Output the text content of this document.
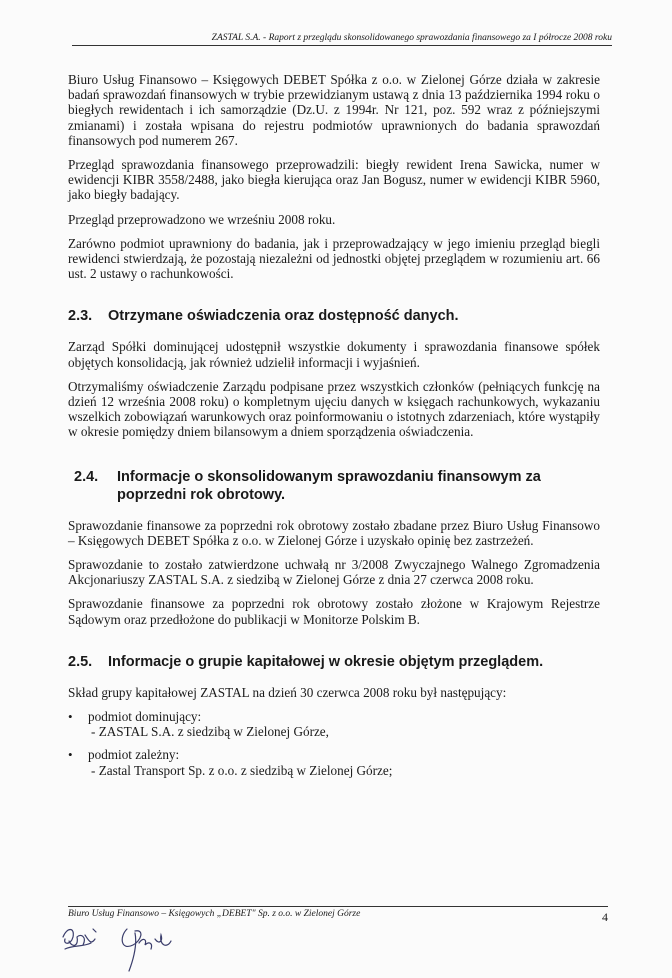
ZASTAL S.A. - Raport z przeglądu skonsolidowanego sprawozdania finansowego za I półrocze 2008 roku

Biuro Usług Finansowo – Księgowych DEBET Spółka z o.o. w Zielonej Górze działa w zakresie badań sprawozdań finansowych w trybie przewidzianym ustawą z dnia 13 października 1994 roku o biegłych rewidentach i ich samorządzie (Dz.U. z 1994r. Nr 121, poz. 592 wraz z późniejszymi zmianami) i została wpisana do rejestru podmiotów uprawnionych do badania sprawozdań finansowych pod numerem 267.

Przegląd sprawozdania finansowego przeprowadzili: biegły rewident Irena Sawicka, numer w ewidencji KIBR 3558/2488, jako biegła kierująca oraz Jan Bogusz, numer w ewidencji KIBR 5960, jako biegły badający.

Przegląd przeprowadzono we wrześniu 2008 roku.

Zarówno podmiot uprawniony do badania, jak i przeprowadzający w jego imieniu przegląd biegli rewidenci stwierdzają, że pozostają niezależni od jednostki objętej przeglądem w rozumieniu art. 66 ust. 2 ustawy o rachunkowości.

2.3.	Otrzymane oświadczenia oraz dostępność danych.

Zarząd Spółki dominującej udostępnił wszystkie dokumenty i sprawozdania finansowe spółek objętych konsolidacją, jak również udzielił informacji i wyjaśnień.

Otrzymaliśmy oświadczenie Zarządu podpisane przez wszystkich członków (pełniących funkcję na dzień 12 września 2008 roku) o kompletnym ujęciu danych w księgach rachunkowych, wykazaniu wszelkich zobowiązań warunkowych oraz poinformowaniu o istotnych zdarzeniach, które wystąpiły w okresie pomiędzy dniem bilansowym a dniem sporządzenia oświadczenia.

2.4.	Informacje o skonsolidowanym sprawozdaniu finansowym za poprzedni rok obrotowy.

Sprawozdanie finansowe za poprzedni rok obrotowy zostało zbadane przez Biuro Usług Finansowo – Księgowych DEBET Spółka z o.o. w Zielonej Górze i uzyskało opinię bez zastrzeżeń.

Sprawozdanie to zostało zatwierdzone uchwałą nr 3/2008 Zwyczajnego Walnego Zgromadzenia Akcjonariuszy ZASTAL S.A. z siedzibą w Zielonej Górze z dnia 27 czerwca 2008 roku.

Sprawozdanie finansowe za poprzedni rok obrotowy zostało złożone w Krajowym Rejestrze Sądowym oraz przedłożone do publikacji w Monitorze Polskim B.

2.5.	Informacje o grupie kapitałowej w okresie objętym przeglądem.

Skład grupy kapitałowej ZASTAL na dzień 30 czerwca 2008 roku był następujący:

• podmiot dominujący:
- ZASTAL S.A. z siedzibą w Zielonej Górze,
• podmiot zależny:
- Zastal Transport Sp. z o.o. z siedzibą w Zielonej Górze;
Biuro Usług Finansowo – Księgowych „DEBET" Sp. z o.o. w Zielonej Górze	4
